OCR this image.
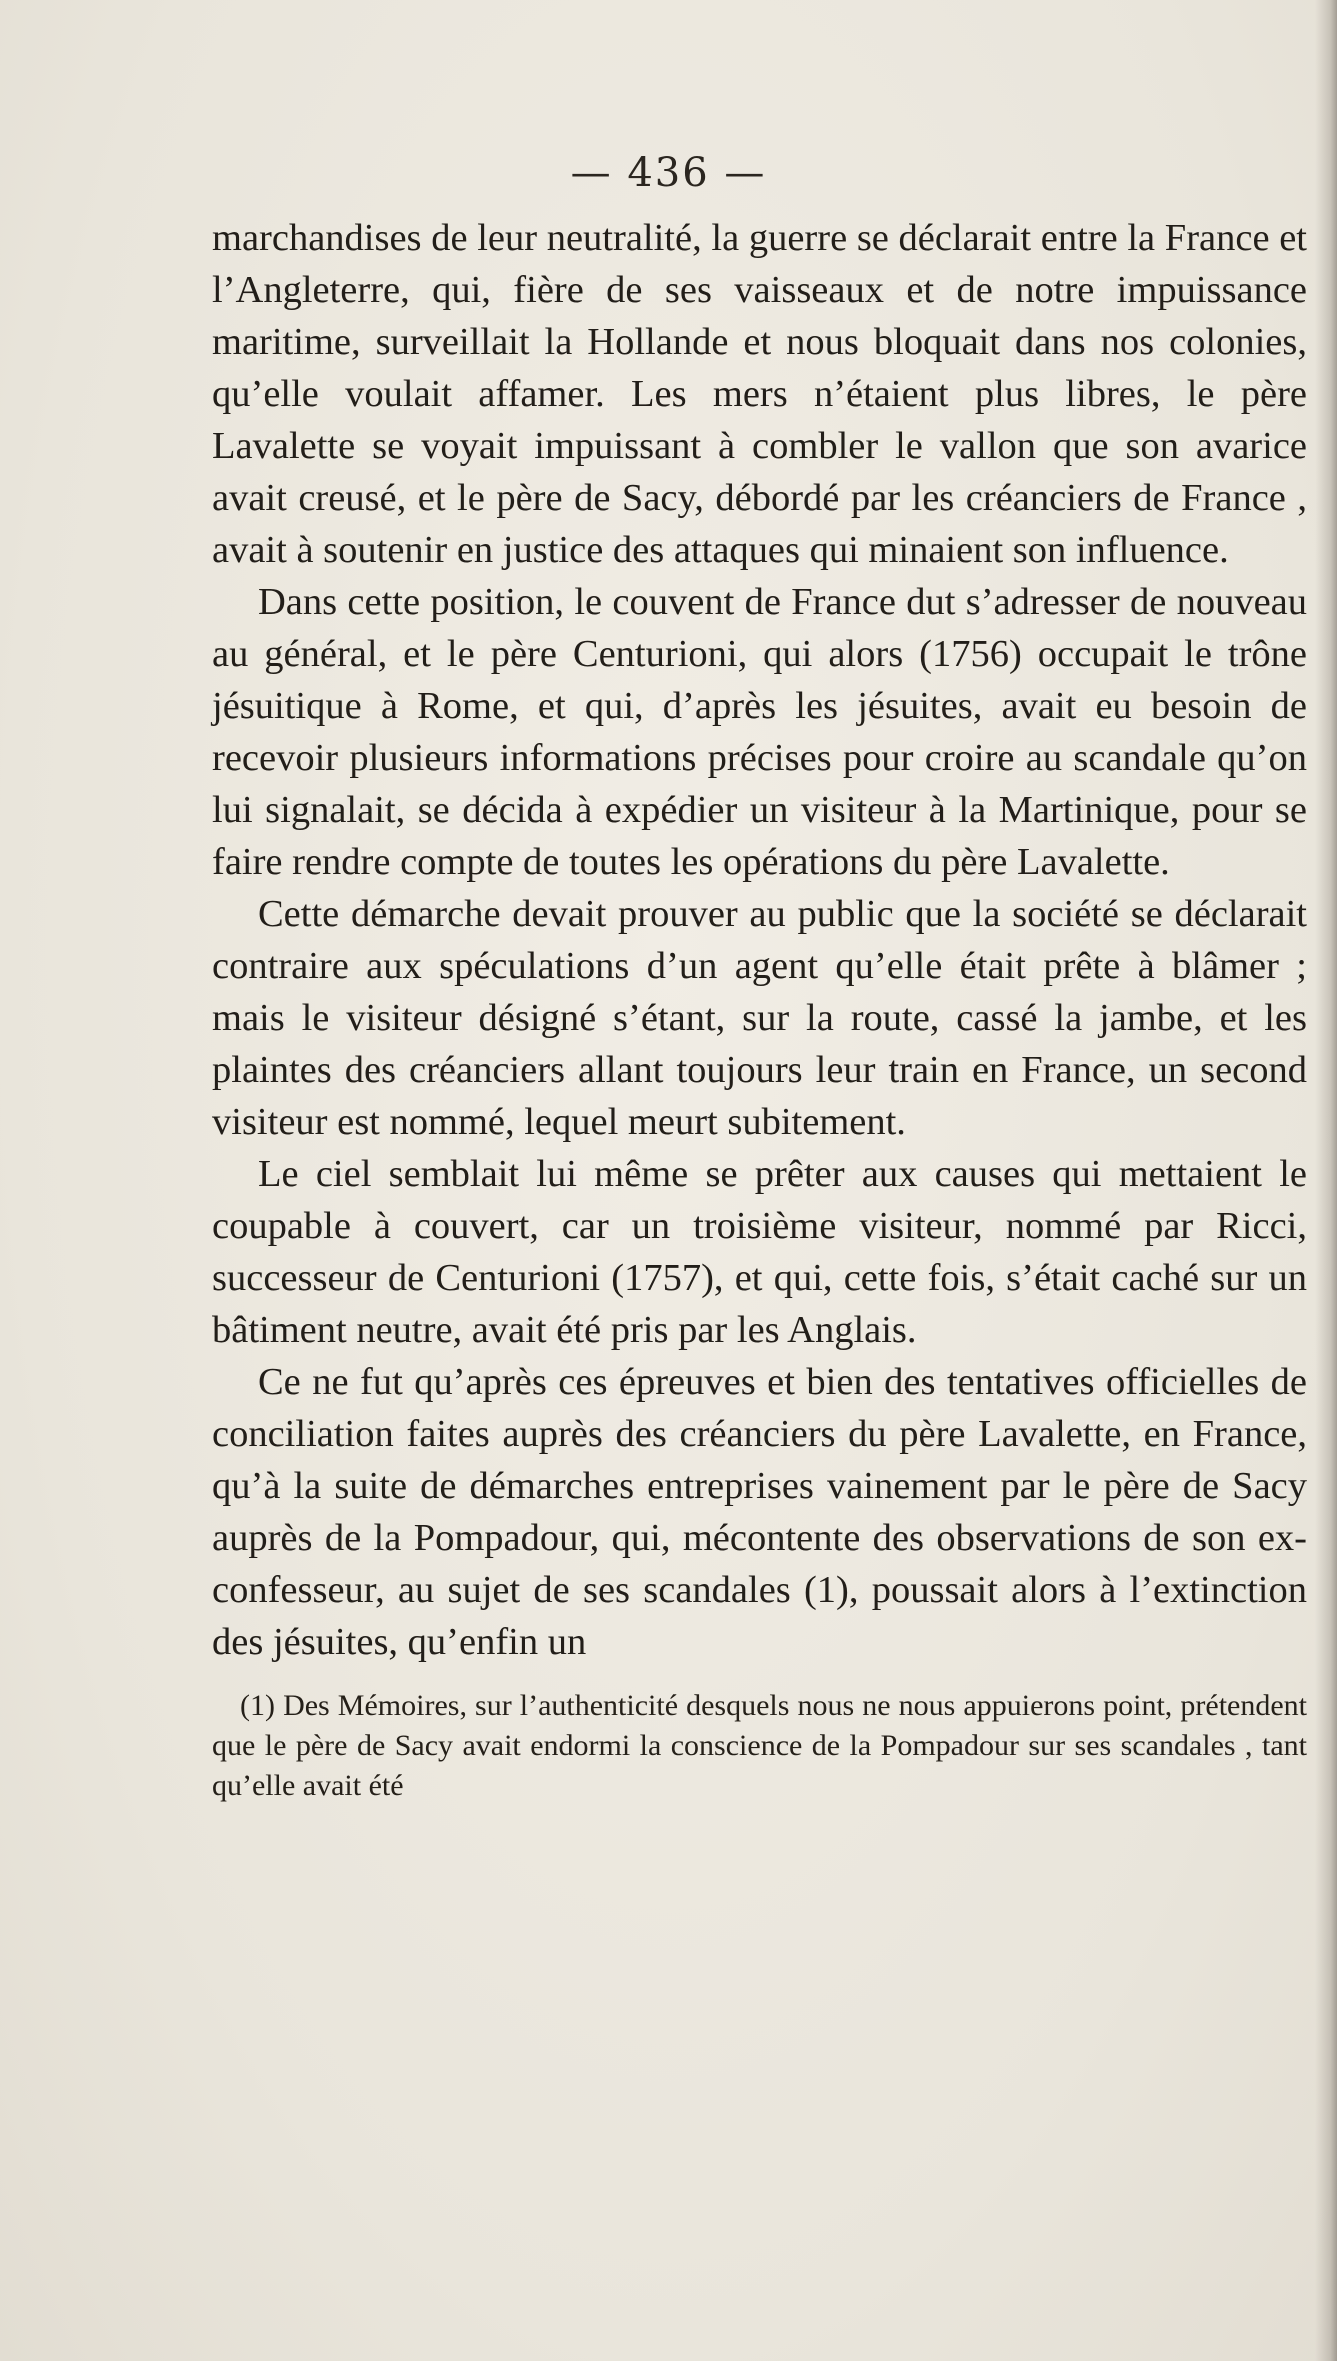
— 436 —

marchandises de leur neutralité, la guerre se déclarait entre la France et l’Angleterre, qui, fière de ses vaisseaux et de notre impuissance maritime, surveillait la Hollande et nous bloquait dans nos colonies, qu’elle voulait affamer. Les mers n’étaient plus libres, le père Lavalette se voyait impuissant à combler le vallon que son avarice avait creusé, et le père de Sacy, débordé par les créanciers de France , avait à soutenir en justice des attaques qui minaient son influence.

Dans cette position, le couvent de France dut s’adresser de nouveau au général, et le père Centurioni, qui alors (1756) occupait le trône jésuitique à Rome, et qui, d’après les jésuites, avait eu besoin de recevoir plusieurs informations précises pour croire au scandale qu’on lui signalait, se décida à expédier un visiteur à la Martinique, pour se faire rendre compte de toutes les opérations du père Lavalette.

Cette démarche devait prouver au public que la société se déclarait contraire aux spéculations d’un agent qu’elle était prête à blâmer ; mais le visiteur désigné s’étant, sur la route, cassé la jambe, et les plaintes des créanciers allant toujours leur train en France, un second visiteur est nommé, lequel meurt subitement.

Le ciel semblait lui même se prêter aux causes qui mettaient le coupable à couvert, car un troisième visiteur, nommé par Ricci, successeur de Centurioni (1757), et qui, cette fois, s’était caché sur un bâtiment neutre, avait été pris par les Anglais.

Ce ne fut qu’après ces épreuves et bien des tentatives officielles de conciliation faites auprès des créanciers du père Lavalette, en France, qu’à la suite de démarches entreprises vainement par le père de Sacy auprès de la Pompadour, qui, mécontente des observations de son ex-confesseur, au sujet de ses scandales (1), poussait alors à l’extinction des jésuites, qu’enfin un

(1) Des Mémoires, sur l’authenticité desquels nous ne nous appuierons point, prétendent que le père de Sacy avait endormi la conscience de la Pompadour sur ses scandales , tant qu’elle avait été
